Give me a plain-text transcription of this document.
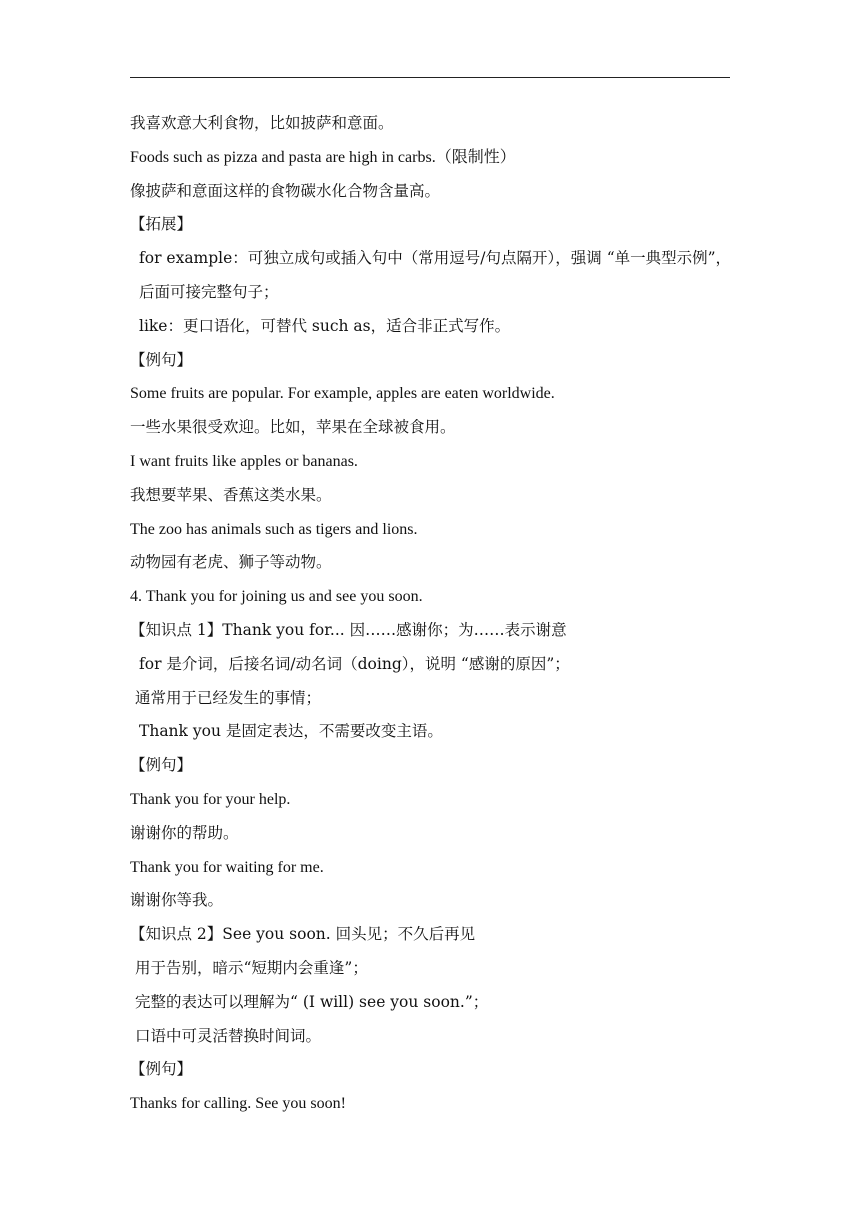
我喜欢意大利食物，比如披萨和意面。
Foods such as pizza and pasta are high in carbs.（限制性）
像披萨和意面这样的食物碳水化合物含量高。
【拓展】
for example：可独立成句或插入句中（常用逗号/句点隔开），强调 “单一典型示例”，后面可接完整句子；
like：更口语化，可替代 such as，适合非正式写作。
【例句】
Some fruits are popular. For example, apples are eaten worldwide.
一些水果很受欢迎。比如，苹果在全球被食用。
I want fruits like apples or bananas.
我想要苹果、香蕉这类水果。
The zoo has animals such as tigers and lions.
动物园有老虎、狮子等动物。
4. Thank you for joining us and see you soon.
【知识点 1】Thank you for... 因……感谢你；为……表示谢意
for 是介词，后接名词/动名词（doing），说明 “感谢的原因”；
通常用于已经发生的事情；
Thank you 是固定表达，不需要改变主语。
【例句】
Thank you for your help.
谢谢你的帮助。
Thank you for waiting for me.
谢谢你等我。
【知识点 2】See you soon. 回头见；不久后再见
用于告别，暗示“短期内会重逢”；
完整的表达可以理解为“ (I will) see you soon.”；
口语中可灵活替换时间词。
【例句】
Thanks for calling. See you soon!
